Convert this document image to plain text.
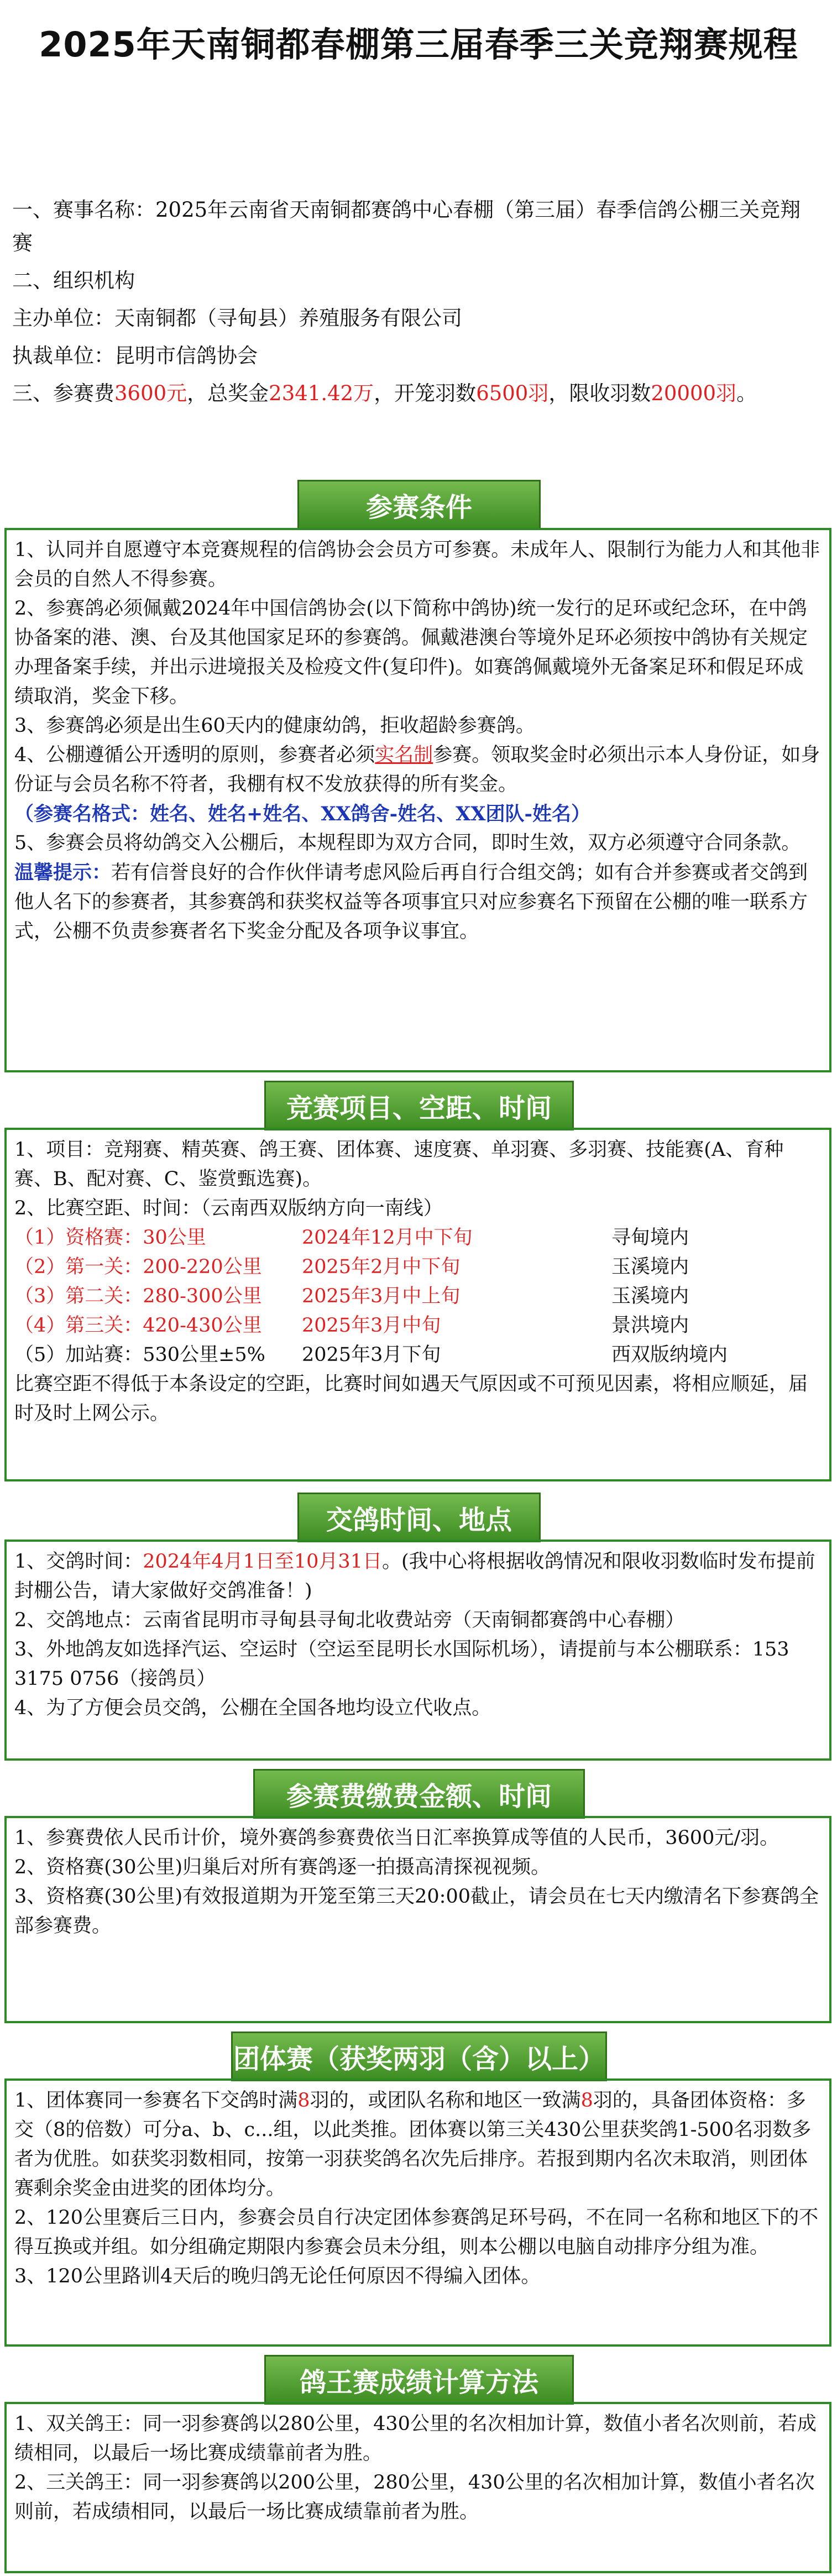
2025年天南铜都春棚第三届春季三关竞翔赛规程

一、赛事名称：2025年云南省天南铜都赛鸽中心春棚（第三届）春季信鸽公棚三关竞翔赛

二、组织机构

主办单位：天南铜都（寻甸县）养殖服务有限公司

执裁单位：昆明市信鸽协会

三、参赛费3600元，总奖金2341.42万，开笼羽数6500羽，限收羽数20000羽。

参赛条件

1、认同并自愿遵守本竞赛规程的信鸽协会会员方可参赛。未成年人、限制行为能力人和其他非会员的自然人不得参赛。

2、参赛鸽必须佩戴2024年中国信鸽协会(以下简称中鸽协)统一发行的足环或纪念环，在中鸽协备案的港、澳、台及其他国家足环的参赛鸽。佩戴港澳台等境外足环必须按中鸽协有关规定办理备案手续，并出示进境报关及检疫文件(复印件)。如赛鸽佩戴境外无备案足环和假足环成绩取消，奖金下移。

3、参赛鸽必须是出生60天内的健康幼鸽，拒收超龄参赛鸽。

4、公棚遵循公开透明的原则，参赛者必须实名制参赛。领取奖金时必须出示本人身份证，如身份证与会员名称不符者，我棚有权不发放获得的所有奖金。

（参赛名格式：姓名、姓名+姓名、XX鸽舍-姓名、XX团队-姓名）

5、参赛会员将幼鸽交入公棚后，本规程即为双方合同，即时生效，双方必须遵守合同条款。

温馨提示：若有信誉良好的合作伙伴请考虑风险后再自行合组交鸽；如有合并参赛或者交鸽到他人名下的参赛者，其参赛鸽和获奖权益等各项事宜只对应参赛名下预留在公棚的唯一联系方式，公棚不负责参赛者名下奖金分配及各项争议事宜。

竞赛项目、空距、时间

1、项目：竞翔赛、精英赛、鸽王赛、团体赛、速度赛、单羽赛、多羽赛、技能赛(A、育种赛、B、配对赛、C、鉴赏甄选赛)。

2、比赛空距、时间：（云南西双版纳方向一南线）

（1）资格赛：30公里	2024年12月中下旬	寻甸境内
（2）第一关：200-220公里	2025年2月中下旬	玉溪境内
（3）第二关：280-300公里	2025年3月中上旬	玉溪境内
（4）第三关：420-430公里	2025年3月中旬	景洪境内
（5）加站赛：530公里±5%	2025年3月下旬	西双版纳境内

比赛空距不得低于本条设定的空距，比赛时间如遇天气原因或不可预见因素，将相应顺延，届时及时上网公示。

交鸽时间、地点

1、交鸽时间：2024年4月1日至10月31日。(我中心将根据收鸽情况和限收羽数临时发布提前封棚公告，请大家做好交鸽准备！)

2、交鸽地点：云南省昆明市寻甸县寻甸北收费站旁（天南铜都赛鸽中心春棚）

3、外地鸽友如选择汽运、空运时（空运至昆明长水国际机场），请提前与本公棚联系：153 3175 0756（接鸽员）

4、为了方便会员交鸽，公棚在全国各地均设立代收点。

参赛费缴费金额、时间

1、参赛费依人民币计价，境外赛鸽参赛费依当日汇率换算成等值的人民币，3600元/羽。

2、资格赛(30公里)归巢后对所有赛鸽逐一拍摄高清探视视频。

3、资格赛(30公里)有效报道期为开笼至第三天20:00截止，请会员在七天内缴清名下参赛鸽全部参赛费。

团体赛（获奖两羽（含）以上）

1、团体赛同一参赛名下交鸽时满8羽的，或团队名称和地区一致满8羽的，具备团体资格：多交（8的倍数）可分a、b、c...组，以此类推。团体赛以第三关430公里获奖鸽1-500名羽数多者为优胜。如获奖羽数相同，按第一羽获奖鸽名次先后排序。若报到期内名次未取消，则团体赛剩余奖金由进奖的团体均分。

2、120公里赛后三日内，参赛会员自行决定团体参赛鸽足环号码，不在同一名称和地区下的不得互换或并组。如分组确定期限内参赛会员未分组，则本公棚以电脑自动排序分组为准。

3、120公里路训4天后的晚归鸽无论任何原因不得编入团体。

鸽王赛成绩计算方法

1、双关鸽王：同一羽参赛鸽以280公里，430公里的名次相加计算，数值小者名次则前，若成绩相同，以最后一场比赛成绩靠前者为胜。

2、三关鸽王：同一羽参赛鸽以200公里，280公里，430公里的名次相加计算，数值小者名次则前，若成绩相同，以最后一场比赛成绩靠前者为胜。
